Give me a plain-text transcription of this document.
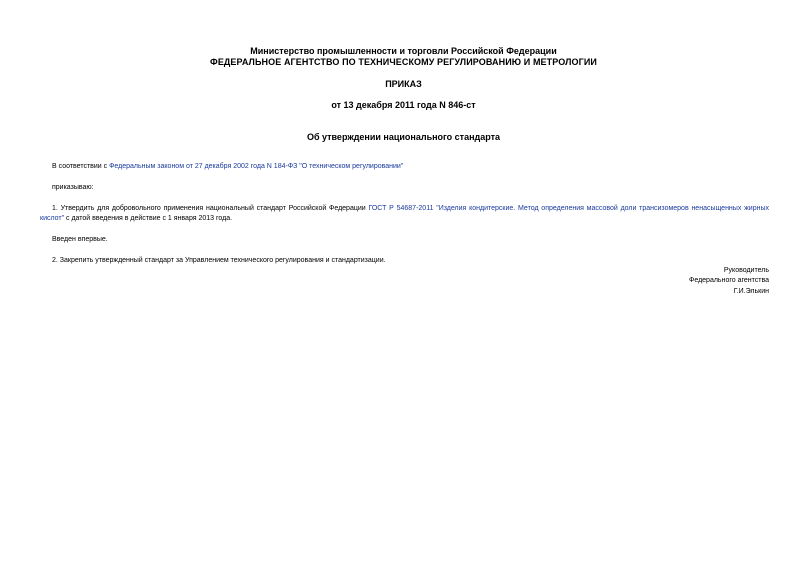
Министерство промышленности и торговли Российской Федерации
ФЕДЕРАЛЬНОЕ АГЕНТСТВО ПО ТЕХНИЧЕСКОМУ РЕГУЛИРОВАНИЮ И МЕТРОЛОГИИ
ПРИКАЗ
от 13 декабря 2011 года N 846-ст
Об утверждении национального стандарта
В соответствии с Федеральным законом от 27 декабря 2002 года N 184-ФЗ "О техническом регулировании"
приказываю:
1. Утвердить для добровольного применения национальный стандарт Российской Федерации ГОСТ Р 54687-2011 "Изделия кондитерские. Метод определения массовой доли трансизомеров ненасыщенных жирных кислот" с датой введения в действие с 1 января 2013 года.
Введен впервые.
2. Закрепить утвержденный стандарт за Управлением технического регулирования и стандартизации.
Руководитель
Федерального агентства
Г.И.Элькин
